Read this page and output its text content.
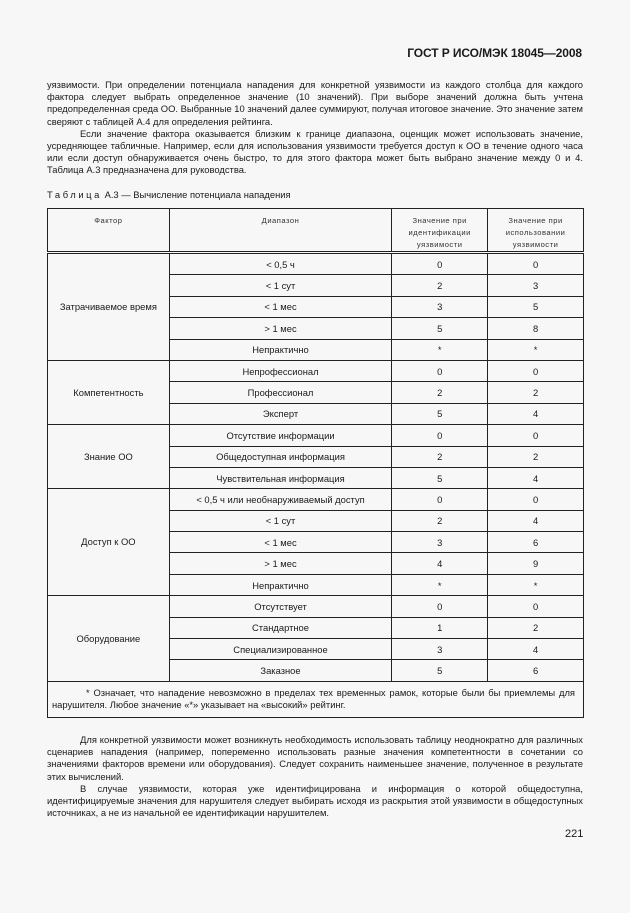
ГОСТ Р ИСО/МЭК 18045—2008

уязвимости. При определении потенциала нападения для конкретной уязвимости из каждого столбца для каждого фактора следует выбрать определенное значение (10 значений). При выборе значений должна быть учтена предопределенная среда ОО. Выбранные 10 значений далее суммируют, получая итоговое значение. Это значение затем сверяют с таблицей А.4 для определения рейтинга.

Если значение фактора оказывается близким к границе диапазона, оценщик может использовать значение, усредняющее табличные. Например, если для использования уязвимости требуется доступ к ОО в течение одного часа или если доступ обнаруживается очень быстро, то для этого фактора может быть выбрано значение между 0 и 4. Таблица А.3 предназначена для руководства.

Таблица А.3 — Вычисление потенциала нападения
Фактор	Диапазон	Значение при идентификации уязвимости	Значение при использовании уязвимости
Затрачиваемое время	< 0,5 ч	0	0
	< 1 сут	2	3
	< 1 мес	3	5
	> 1 мес	5	8
	Непрактично	*	*
Компетентность	Непрофессионал	0	0
	Профессионал	2	2
	Эксперт	5	4
Знание ОО	Отсутствие информации	0	0
	Общедоступная информация	2	2
	Чувствительная информация	5	4
Доступ к ОО	< 0,5 ч или необнаруживаемый доступ	0	0
	< 1 сут	2	4
	< 1 мес	3	6
	> 1 мес	4	9
	Непрактично	*	*
Оборудование	Отсутствует	0	0
	Стандартное	1	2
	Специализированное	3	4
	Заказное	5	6
* Означает, что нападение невозможно в пределах тех временных рамок, которые были бы приемлемы для нарушителя. Любое значение «*» указывает на «высокий» рейтинг.			

Для конкретной уязвимости может возникнуть необходимость использовать таблицу неоднократно для различных сценариев нападения (например, попеременно использовать разные значения компетентности в сочетании со значениями факторов времени или оборудования). Следует сохранить наименьшее значение, полученное в результате этих вычислений.

В случае уязвимости, которая уже идентифицирована и информация о которой общедоступна, идентифицируемые значения для нарушителя следует выбирать исходя из раскрытия этой уязвимости в общедоступных источниках, а не из начальной ее идентификации нарушителем.

221
